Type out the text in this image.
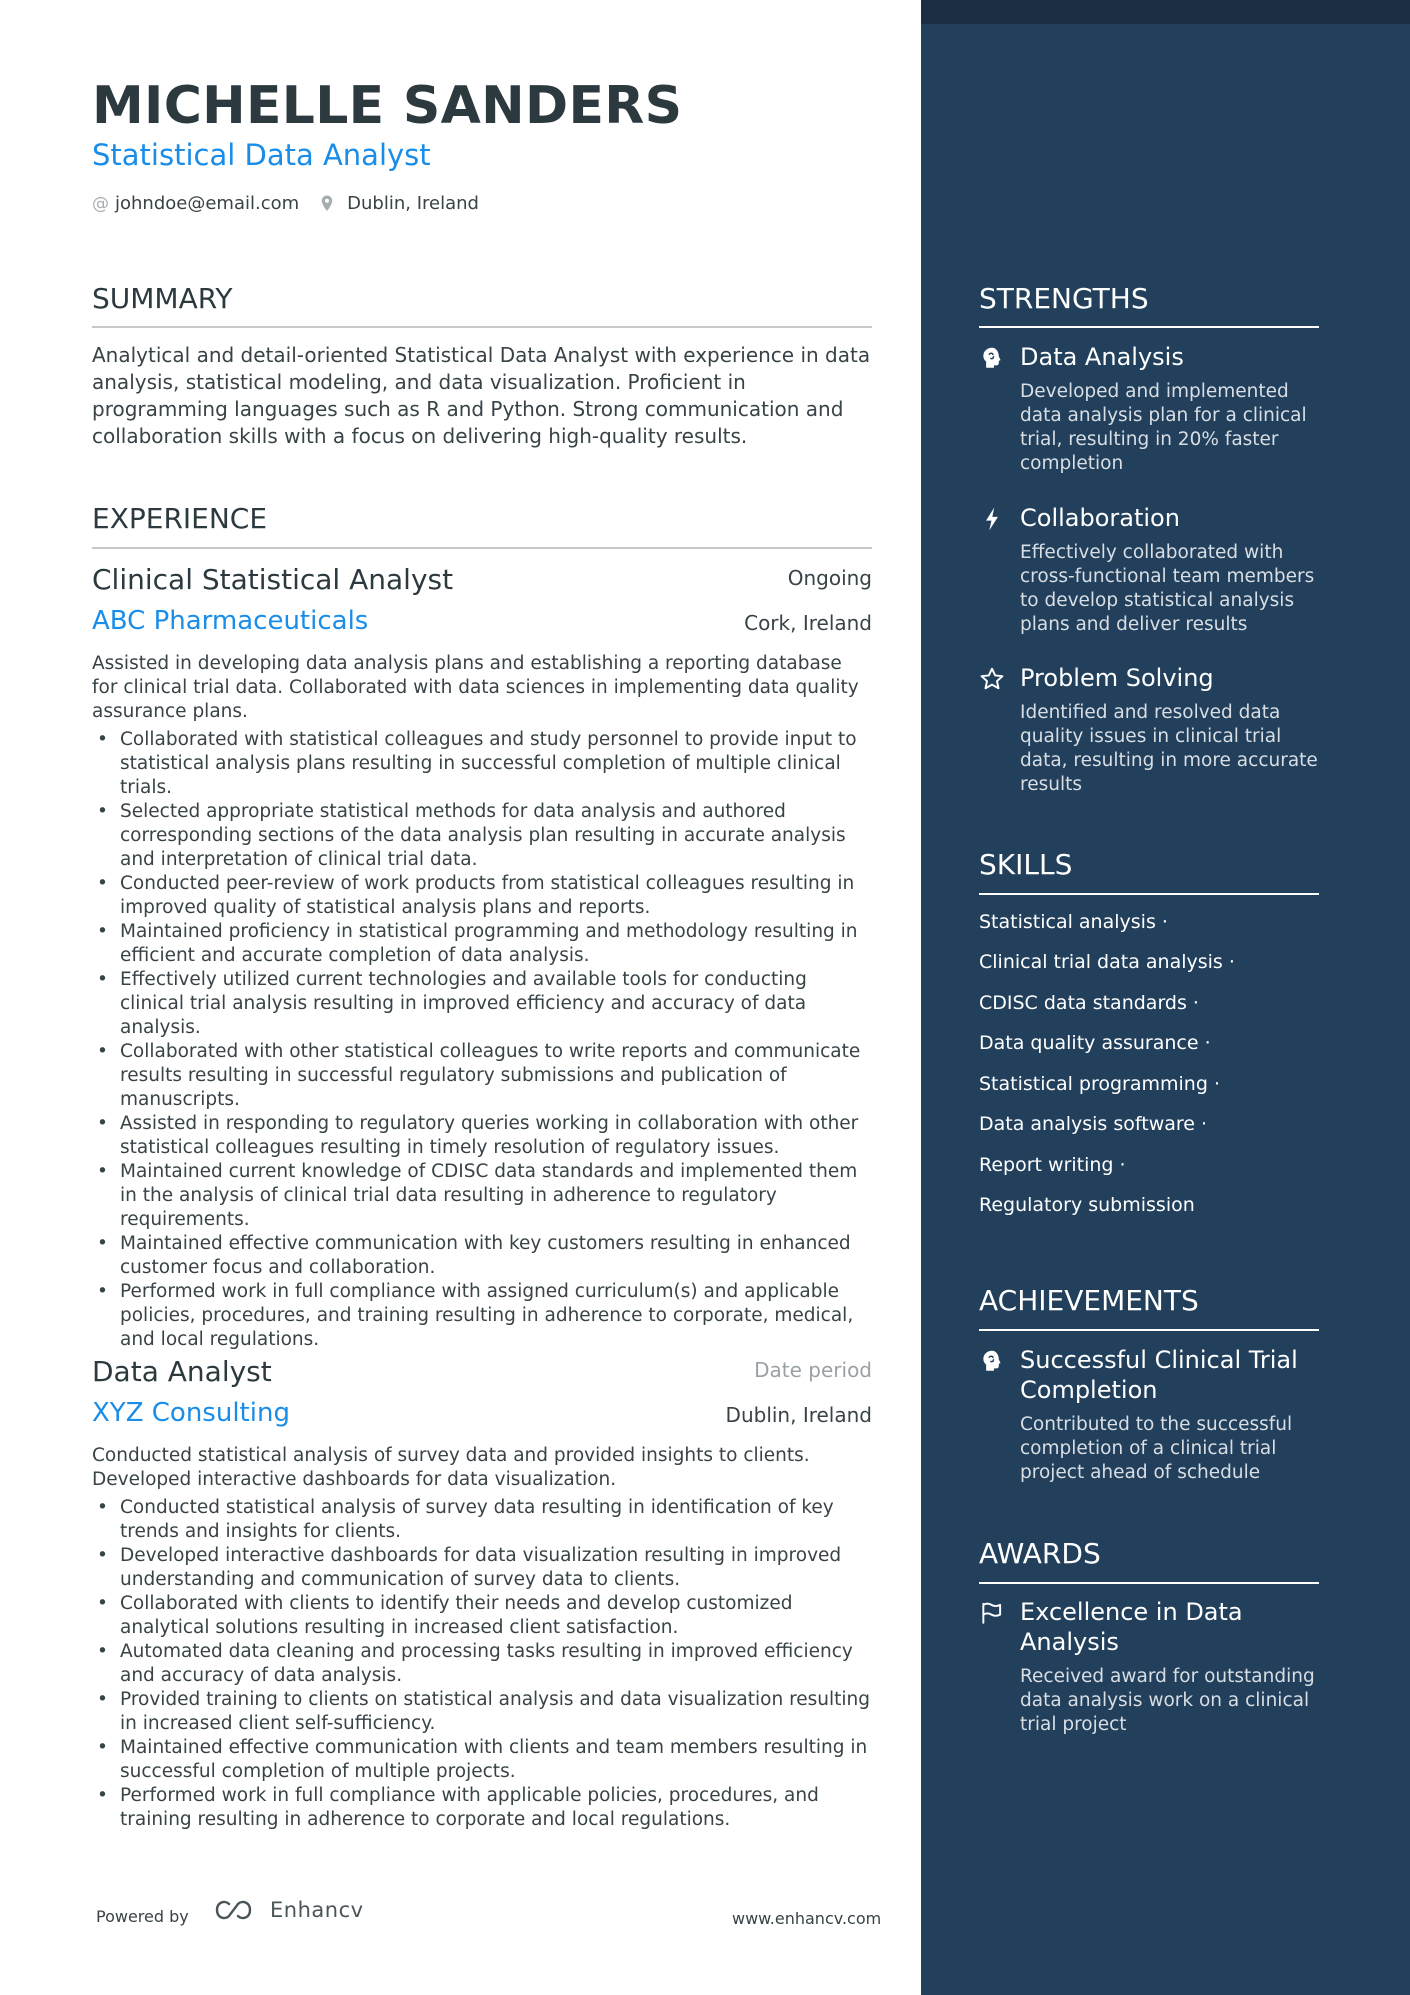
MICHELLE SANDERS
Statistical Data Analyst
@ johndoe@email.com	Dublin, Ireland
SUMMARY
Analytical and detail-oriented Statistical Data Analyst with experience in data analysis, statistical modeling, and data visualization. Proficient in programming languages such as R and Python. Strong communication and collaboration skills with a focus on delivering high-quality results.
EXPERIENCE
Clinical Statistical Analyst	Ongoing
ABC Pharmaceuticals	Cork, Ireland
Assisted in developing data analysis plans and establishing a reporting database for clinical trial data. Collaborated with data sciences in implementing data quality assurance plans.
• Collaborated with statistical colleagues and study personnel to provide input to statistical analysis plans resulting in successful completion of multiple clinical trials.
• Selected appropriate statistical methods for data analysis and authored corresponding sections of the data analysis plan resulting in accurate analysis and interpretation of clinical trial data.
• Conducted peer-review of work products from statistical colleagues resulting in improved quality of statistical analysis plans and reports.
• Maintained proficiency in statistical programming and methodology resulting in efficient and accurate completion of data analysis.
• Effectively utilized current technologies and available tools for conducting clinical trial analysis resulting in improved efficiency and accuracy of data analysis.
• Collaborated with other statistical colleagues to write reports and communicate results resulting in successful regulatory submissions and publication of manuscripts.
• Assisted in responding to regulatory queries working in collaboration with other statistical colleagues resulting in timely resolution of regulatory issues.
• Maintained current knowledge of CDISC data standards and implemented them in the analysis of clinical trial data resulting in adherence to regulatory requirements.
• Maintained effective communication with key customers resulting in enhanced customer focus and collaboration.
• Performed work in full compliance with assigned curriculum(s) and applicable policies, procedures, and training resulting in adherence to corporate, medical, and local regulations.
Data Analyst	Date period
XYZ Consulting	Dublin, Ireland
Conducted statistical analysis of survey data and provided insights to clients. Developed interactive dashboards for data visualization.
• Conducted statistical analysis of survey data resulting in identification of key trends and insights for clients.
• Developed interactive dashboards for data visualization resulting in improved understanding and communication of survey data to clients.
• Collaborated with clients to identify their needs and develop customized analytical solutions resulting in increased client satisfaction.
• Automated data cleaning and processing tasks resulting in improved efficiency and accuracy of data analysis.
• Provided training to clients on statistical analysis and data visualization resulting in increased client self-sufficiency.
• Maintained effective communication with clients and team members resulting in successful completion of multiple projects.
• Performed work in full compliance with applicable policies, procedures, and training resulting in adherence to corporate and local regulations.
STRENGTHS
Data Analysis
Developed and implemented data analysis plan for a clinical trial, resulting in 20% faster completion
Collaboration
Effectively collaborated with cross-functional team members to develop statistical analysis plans and deliver results
Problem Solving
Identified and resolved data quality issues in clinical trial data, resulting in more accurate results
SKILLS
Statistical analysis ·
Clinical trial data analysis ·
CDISC data standards ·
Data quality assurance ·
Statistical programming ·
Data analysis software ·
Report writing ·
Regulatory submission
ACHIEVEMENTS
Successful Clinical Trial Completion
Contributed to the successful completion of a clinical trial project ahead of schedule
AWARDS
Excellence in Data Analysis
Received award for outstanding data analysis work on a clinical trial project
Powered by	Enhancv	www.enhancv.com
